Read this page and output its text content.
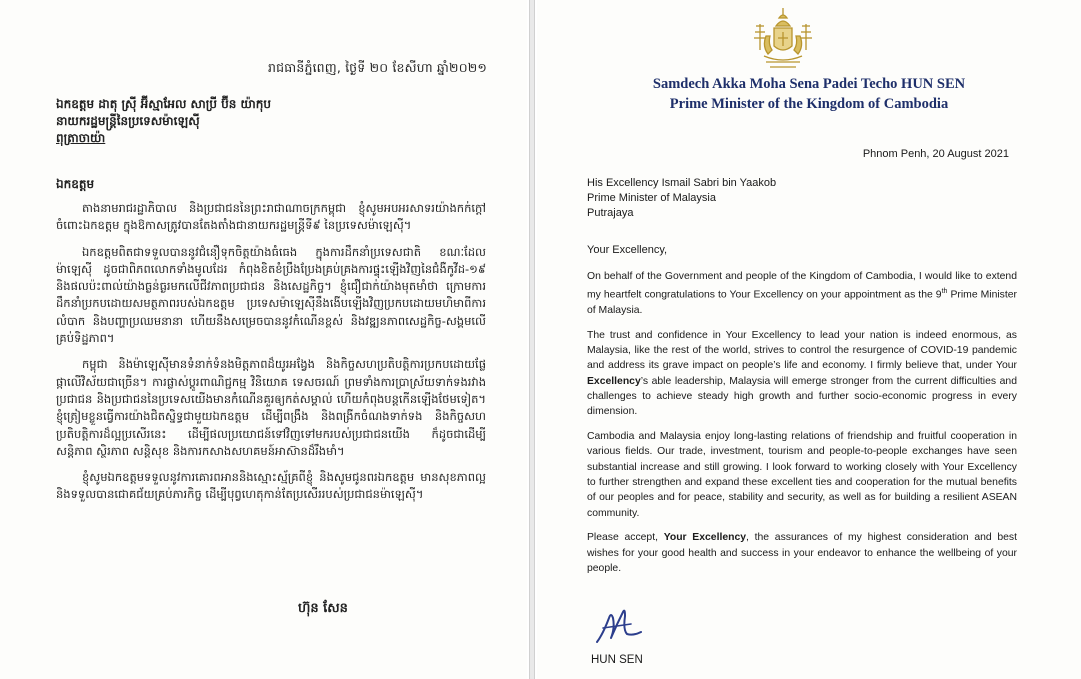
រាជធានីភ្នំពេញ, ថ្ងៃទី ២០ ខែសីហា ឆ្នាំ២០២១
ឯកឧត្តម ដាតុ ស្រ៊ី អ៊ីស្មាអែល សាប្រី ប៊ីន យ៉ាកុប
នាយករដ្ឋមន្ត្រីនៃប្រទេសម៉ាឡេស៊ី
ពុត្រាចាយ៉ា
ឯកឧត្តម

តាងនាមរាជរដ្ឋាភិបាល និងប្រជាជននៃព្រះរាជាណាចក្រកម្ពុជា ខ្ញុំសូមអបអរសាទរយ៉ាងកក់ក្តៅចំពោះឯកឧត្តម ក្នុងឱកាសត្រូវបានតែងតាំងជានាយករដ្ឋមន្ត្រីទី៩ នៃប្រទេសម៉ាឡេស៊ី។

ឯកឧត្តមពិតជាទទួលបាននូវជំនឿទុកចិត្តយ៉ាងធំធេង ក្នុងការដឹកនាំប្រទេសជាតិ ខណៈដែលម៉ាឡេស៊ី ដូចជាពិភពលោកទាំងមូលដែរ កំពុងខិតខំប្រឹងប្រែងគ្រប់គ្រងការផ្ទុះឡើងវិញនៃជំងឺកូវីដ-១៩ និងផលប៉ះពាល់យ៉ាងធ្ងន់ធ្ងរមកលើជីវភាពប្រជាជន និងសេដ្ឋកិច្ច។ ខ្ញុំជឿជាក់យ៉ាងមុតមាំថា ក្រោមការដឹកនាំប្រកបដោយសមត្ថភាពរបស់ឯកឧត្តម ប្រទេសម៉ាឡេស៊ីនឹងងើបឡើងវិញប្រកបដោយមហិមាពីការលំបាក និងបញ្ហាប្រឈមនានា ហើយនឹងសម្រេចបាននូវកំណើនខ្ពស់ និងវឌ្ឍនភាពសេដ្ឋកិច្ច-សង្គមលើគ្រប់ទិដ្ឋភាព។

កម្ពុជា និងម៉ាឡេស៊ីមានទំនាក់ទំនងមិត្តភាពដ៏យូរអង្វែង និងកិច្ចសហប្រតិបត្តិការប្រកបដោយផ្លែផ្កាលើវិស័យជាច្រើន។ ការផ្លាស់ប្តូរពាណិជ្ជកម្ម វិនិយោគ ទេសចរណ៍ ព្រមទាំងការប្រាស្រ័យទាក់ទងរវាងប្រជាជន និងប្រជាជននៃប្រទេសយើងមានកំណើនគួរឲ្យកត់សម្គាល់ ហើយកំពុងបន្តកើនឡើងថែមទៀត។ ខ្ញុំត្រៀមខ្លួនធ្វើការយ៉ាងជិតស្និទ្ធជាមួយឯកឧត្តម ដើម្បីពង្រឹង និងពង្រីកចំណងទាក់ទង និងកិច្ចសហប្រតិបត្តិការដ៏ល្អប្រសើរនេះ ដើម្បីផលប្រយោជន៍ទៅវិញទៅមករបស់ប្រជាជនយើង ក៏ដូចជាដើម្បីសន្តិភាព ស្ថិរភាព សន្តិសុខ និងការកសាងសហគមន៍អាស៊ានដ៏រឹងមាំ។

ខ្ញុំសូមឯកឧត្តមទទួលនូវការគោរពអាននិងស្មោះស្ម័គ្រពីខ្ញុំ និងសូមជូនពរឯកឧត្តម មានសុខភាពល្អ និងទទួលបានជោគជ័យគ្រប់ភារកិច្ច ដើម្បីបុព្វហេតុកាន់តែប្រសើររបស់ប្រជាជនម៉ាឡេស៊ី។

ហ៊ុន សែន
Samdech Akka Moha Sena Padei Techo HUN SEN
Prime Minister of the Kingdom of Cambodia
Phnom Penh, 20 August 2021
His Excellency Ismail Sabri bin Yaakob
Prime Minister of Malaysia
Putrajaya
Your Excellency,

On behalf of the Government and people of the Kingdom of Cambodia, I would like to extend my heartfelt congratulations to Your Excellency on your appointment as the 9th Prime Minister of Malaysia.

The trust and confidence in Your Excellency to lead your nation is indeed enormous, as Malaysia, like the rest of the world, strives to control the resurgence of COVID-19 pandemic and address its grave impact on people’s life and economy. I firmly believe that, under Your Excellency’s able leadership, Malaysia will emerge stronger from the current difficulties and challenges to achieve steady high growth and further socio-economic progress in every dimension.

Cambodia and Malaysia enjoy long-lasting relations of friendship and fruitful cooperation in various fields. Our trade, investment, tourism and people-to-people exchanges have seen substantial increase and still growing. I look forward to working closely with Your Excellency to further strengthen and expand these excellent ties and cooperation for the mutual benefits of our peoples and for peace, stability and security, as well as for building a resilient ASEAN community.

Please accept, Your Excellency, the assurances of my highest consideration and best wishes for your good health and success in your endeavor to enhance the wellbeing of your people.

HUN SEN
